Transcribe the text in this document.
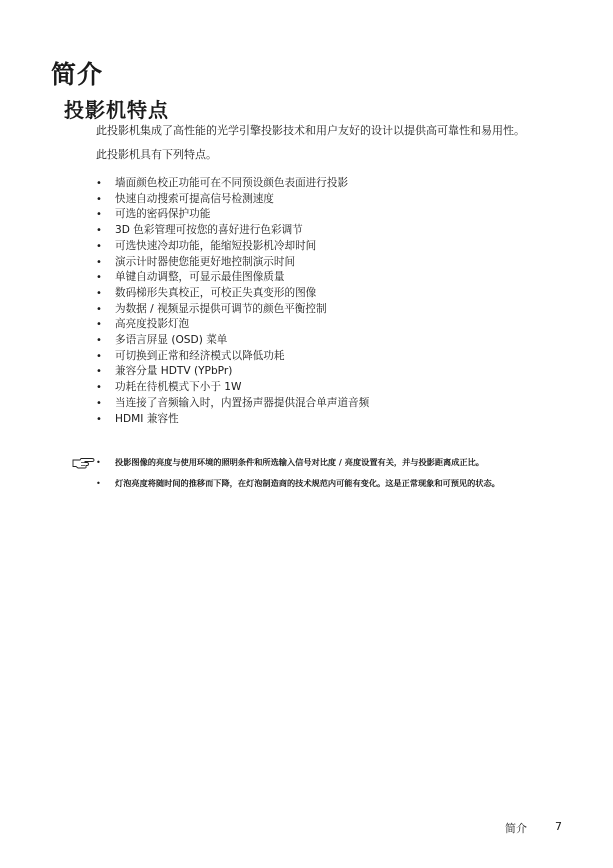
简介
投影机特点

此投影机集成了高性能的光学引擎投影技术和用户友好的设计以提供高可靠性和易用性。

此投影机具有下列特点。

• 墙面颜色校正功能可在不同预设颜色表面进行投影
• 快速自动搜索可提高信号检测速度
• 可选的密码保护功能
• 3D 色彩管理可按您的喜好进行色彩调节
• 可选快速冷却功能，能缩短投影机冷却时间
• 演示计时器使您能更好地控制演示时间
• 单键自动调整，可显示最佳图像质量
• 数码梯形失真校正，可校正失真变形的图像
• 为数据 / 视频显示提供可调节的颜色平衡控制
• 高亮度投影灯泡
• 多语言屏显 (OSD) 菜单
• 可切换到正常和经济模式以降低功耗
• 兼容分量 HDTV (YPbPr)
• 功耗在待机模式下小于 1W
• 当连接了音频输入时，内置扬声器提供混合单声道音频
• HDMI 兼容性
• 投影图像的亮度与使用环境的照明条件和所选输入信号对比度 / 亮度设置有关，并与投影距离成正比。
• 灯泡亮度将随时间的推移而下降，在灯泡制造商的技术规范内可能有变化。这是正常现象和可预见的状态。
简介	7
